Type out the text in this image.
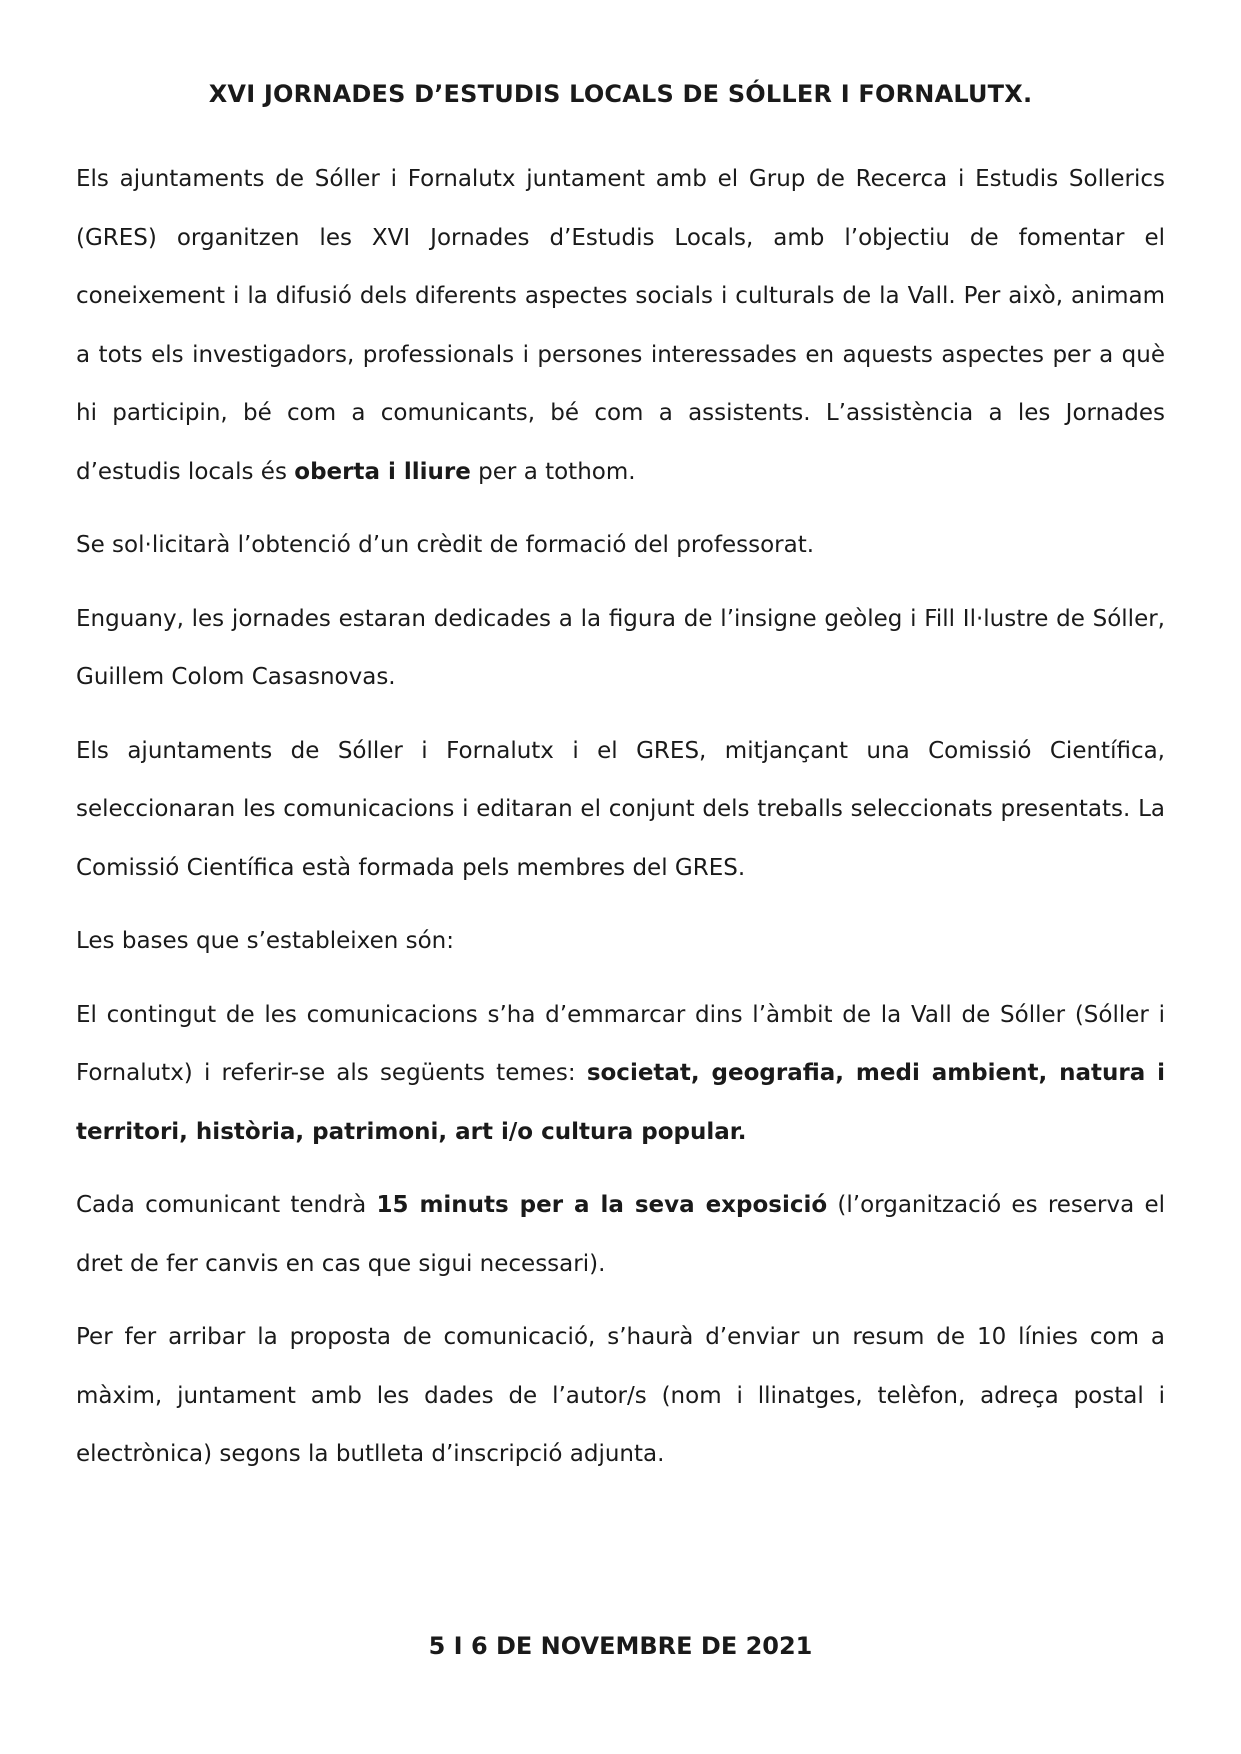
XVI JORNADES D’ESTUDIS LOCALS DE SÓLLER I FORNALUTX.

Els ajuntaments de Sóller i Fornalutx juntament amb el Grup de Recerca i Estudis Sollerics (GRES) organitzen les XVI Jornades d’Estudis Locals, amb l’objectiu de fomentar el coneixement i la difusió dels diferents aspectes socials i culturals de la Vall. Per això, animam a tots els investigadors, professionals i persones interessades en aquests aspectes per a què hi participin, bé com a comunicants, bé com a assistents. L’assistència a les Jornades d’estudis locals és oberta i lliure per a tothom.

Se sol·licitarà l’obtenció d’un crèdit de formació del professorat.

Enguany, les jornades estaran dedicades a la figura de l’insigne geòleg i Fill Il·lustre de Sóller, Guillem Colom Casasnovas.

Els ajuntaments de Sóller i Fornalutx i el GRES, mitjançant una Comissió Científica, seleccionaran les comunicacions i editaran el conjunt dels treballs seleccionats presentats. La Comissió Científica està formada pels membres del GRES.

Les bases que s’estableixen són:

El contingut de les comunicacions s’ha d’emmarcar dins l’àmbit de la Vall de Sóller (Sóller i Fornalutx) i referir-se als següents temes: societat, geografia, medi ambient, natura i territori, història, patrimoni, art i/o cultura popular.

Cada comunicant tendrà 15 minuts per a la seva exposició (l’organització es reserva el dret de fer canvis en cas que sigui necessari).

Per fer arribar la proposta de comunicació, s’haurà d’enviar un resum de 10 línies com a màxim, juntament amb les dades de l’autor/s (nom i llinatges, telèfon, adreça postal i electrònica) segons la butlleta d’inscripció adjunta.

5 I 6 DE NOVEMBRE DE 2021
